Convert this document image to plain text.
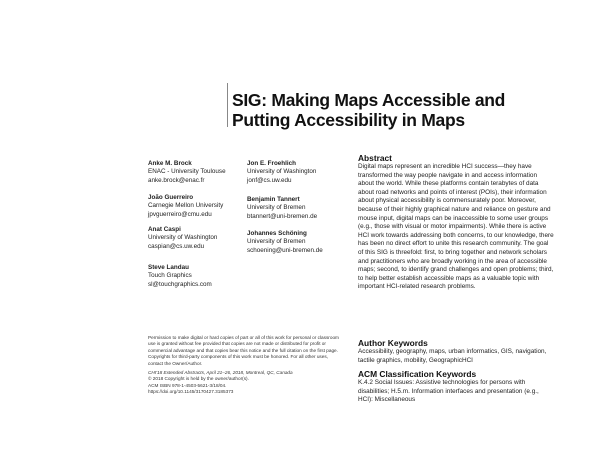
SIG: Making Maps Accessible and
Putting Accessibility in Maps
Anke M. Brock
ENAC - University Toulouse
anke.brock@enac.fr
João Guerreiro
Carnegie Mellon University
jpvguerreiro@cmu.edu
Anat Caspi
University of Washington
caspian@cs.uw.edu
Steve Landau
Touch Graphics
sl@touchgraphics.com
Jon E. Froehlich
University of Washington
jonf@cs.uw.edu
Benjamin Tannert
University of Bremen
btannert@uni-bremen.de
Johannes Schöning
University of Bremen
schoening@uni-bremen.de

Permission to make digital or hard copies of part or all of this work for personal or classroom use is granted without fee provided that copies are not made or distributed for profit or commercial advantage and that copies bear this notice and the full citation on the first page. Copyrights for third-party components of this work must be honored. For all other uses, contact the Owner/Author.

CHI'18 Extended Abstracts, April 21–26, 2018, Montreal, QC, Canada
© 2018 Copyright is held by the owner/author(s).
ACM ISBN 978-1-4503-5621-3/18/04.
https://doi.org/10.1145/3170427.3185373
Abstract

Digital maps represent an incredible HCI success—they have transformed the way people navigate in and access information about the world. While these platforms contain terabytes of data about road networks and points of interest (POIs), their information about physical accessibility is commensurately poor. Moreover, because of their highly graphical nature and reliance on gesture and mouse input, digital maps can be inaccessible to some user groups (e.g., those with visual or motor impairments). While there is active HCI work towards addressing both concerns, to our knowledge, there has been no direct effort to unite this research community. The goal of this SIG is threefold: first, to bring together and network scholars and practitioners who are broadly working in the area of accessible maps; second, to identify grand challenges and open problems; third, to help better establish accessible maps as a valuable topic with important HCI-related research problems.

Author Keywords

Accessibility, geography, maps, urban informatics, GIS, navigation, tactile graphics, mobility, GeographicHCI

ACM Classification Keywords

K.4.2 Social Issues: Assistive technologies for persons with disabilities; H.5.m. Information interfaces and presentation (e.g., HCI): Miscellaneous
